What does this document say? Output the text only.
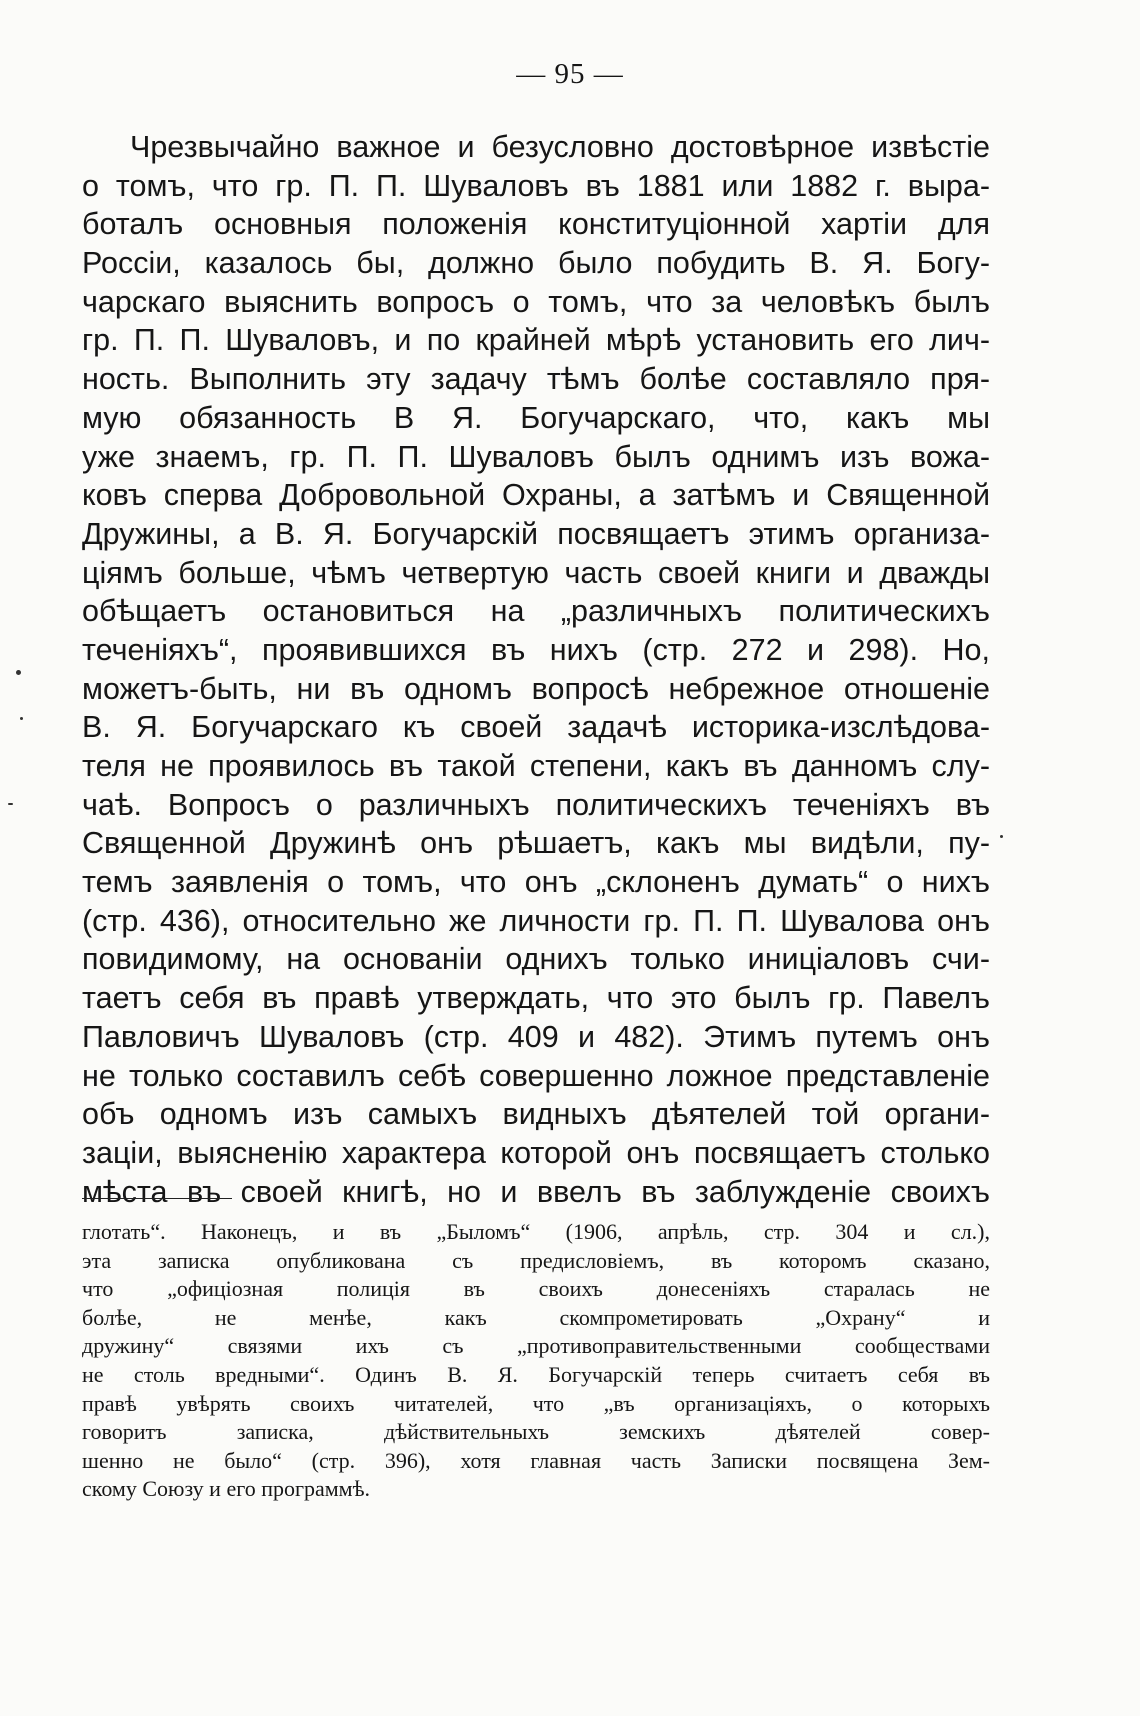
— 95 —
Чрезвычайно важное и безусловно достовѣрное извѣстіе
о томъ, что гр. П. П. Шуваловъ въ 1881 или 1882 г. выра-
боталъ основныя положенія конституціонной хартіи для
Россіи, казалось бы, должно было побудить В. Я. Богу-
чарскаго выяснить вопросъ о томъ, что за человѣкъ былъ
гр. П. П. Шуваловъ, и по крайней мѣрѣ установить его лич-
ность. Выполнить эту задачу тѣмъ болѣе составляло пря-
мую обязанность В Я. Богучарскаго, что, какъ мы
уже знаемъ, гр. П. П. Шуваловъ былъ однимъ изъ вожа-
ковъ сперва Добровольной Охраны, а затѣмъ и Священной
Дружины, а В. Я. Богучарскій посвящаетъ этимъ организа-
ціямъ больше, чѣмъ четвертую часть своей книги и дважды
обѣщаетъ остановиться на „различныхъ политическихъ
теченіяхъ“, проявившихся въ нихъ (стр. 272 и 298). Но,
можетъ-быть, ни въ одномъ вопросѣ небрежное отношеніе
В. Я. Богучарскаго къ своей задачѣ историка-изслѣдова-
теля не проявилось въ такой степени, какъ въ данномъ слу-
чаѣ. Вопросъ о различныхъ политическихъ теченіяхъ въ
Священной Дружинѣ онъ рѣшаетъ, какъ мы видѣли, пу-
темъ заявленія о томъ, что онъ „склоненъ думать“ о нихъ
(стр. 436), относительно же личности гр. П. П. Шувалова онъ
повидимому, на основаніи однихъ только иниціаловъ счи-
таетъ себя въ правѣ утверждать, что это былъ гр. Павелъ
Павловичъ Шуваловъ (стр. 409 и 482). Этимъ путемъ онъ
не только составилъ себѣ совершенно ложное представленіе
объ одномъ изъ самыхъ видныхъ дѣятелей той органи-
заціи, выясненію характера которой онъ посвящаетъ столько
мѣста въ своей книгѣ, но и ввелъ въ заблужденіе своихъ
глотать“. Наконецъ, и въ „Быломъ“ (1906, апрѣль, стр. 304 и сл.),
эта записка опубликована съ предисловіемъ, въ которомъ сказано,
что „офиціозная полиція въ своихъ донесеніяхъ старалась не
болѣе, не менѣе, какъ скомпрометировать „Охрану“ и
дружину“ связями ихъ съ „противоправительственными сообществами
не столь вредными“. Одинъ В. Я. Богучарскій теперь считаетъ себя въ
правѣ увѣрять своихъ читателей, что „въ организаціяхъ, о которыхъ
говоритъ записка, дѣйствительныхъ земскихъ дѣятелей совер-
шенно не было“ (стр. 396), хотя главная часть Записки посвящена Зем-
скому Союзу и его программѣ.
